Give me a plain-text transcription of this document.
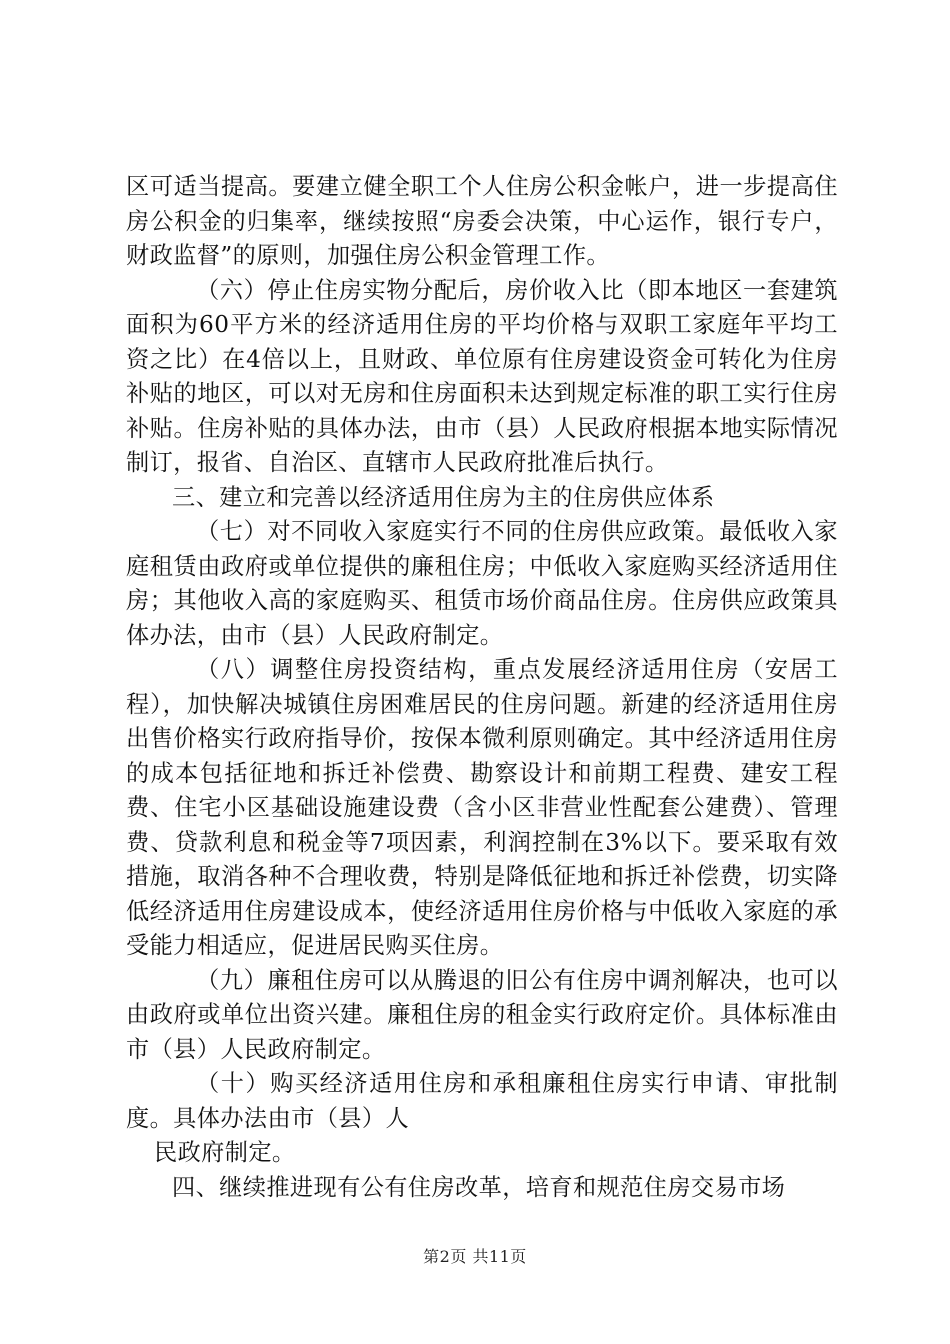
区可适当提高。要建立健全职工个人住房公积金帐户，进一步提高住房公积金的归集率，继续按照“房委会决策，中心运作，银行专户，财政监督”的原则，加强住房公积金管理工作。

（六）停止住房实物分配后，房价收入比（即本地区一套建筑面积为60平方米的经济适用住房的平均价格与双职工家庭年平均工资之比）在4倍以上，且财政、单位原有住房建设资金可转化为住房补贴的地区，可以对无房和住房面积未达到规定标准的职工实行住房补贴。住房补贴的具体办法，由市（县）人民政府根据本地实际情况制订，报省、自治区、直辖市人民政府批准后执行。

三、建立和完善以经济适用住房为主的住房供应体系

（七）对不同收入家庭实行不同的住房供应政策。最低收入家庭租赁由政府或单位提供的廉租住房；中低收入家庭购买经济适用住房；其他收入高的家庭购买、租赁市场价商品住房。住房供应政策具体办法，由市（县）人民政府制定。

（八）调整住房投资结构，重点发展经济适用住房（安居工程），加快解决城镇住房困难居民的住房问题。新建的经济适用住房出售价格实行政府指导价，按保本微利原则确定。其中经济适用住房的成本包括征地和拆迁补偿费、勘察设计和前期工程费、建安工程费、住宅小区基础设施建设费（含小区非营业性配套公建费）、管理费、贷款利息和税金等7项因素，利润控制在3%以下。要采取有效措施，取消各种不合理收费，特别是降低征地和拆迁补偿费，切实降低经济适用住房建设成本，使经济适用住房价格与中低收入家庭的承受能力相适应，促进居民购买住房。

（九）廉租住房可以从腾退的旧公有住房中调剂解决，也可以由政府或单位出资兴建。廉租住房的租金实行政府定价。具体标准由市（县）人民政府制定。

（十）购买经济适用住房和承租廉租住房实行申请、审批制度。具体办法由市（县）人

民政府制定。

四、继续推进现有公有住房改革，培育和规范住房交易市场

第2页 共11页
